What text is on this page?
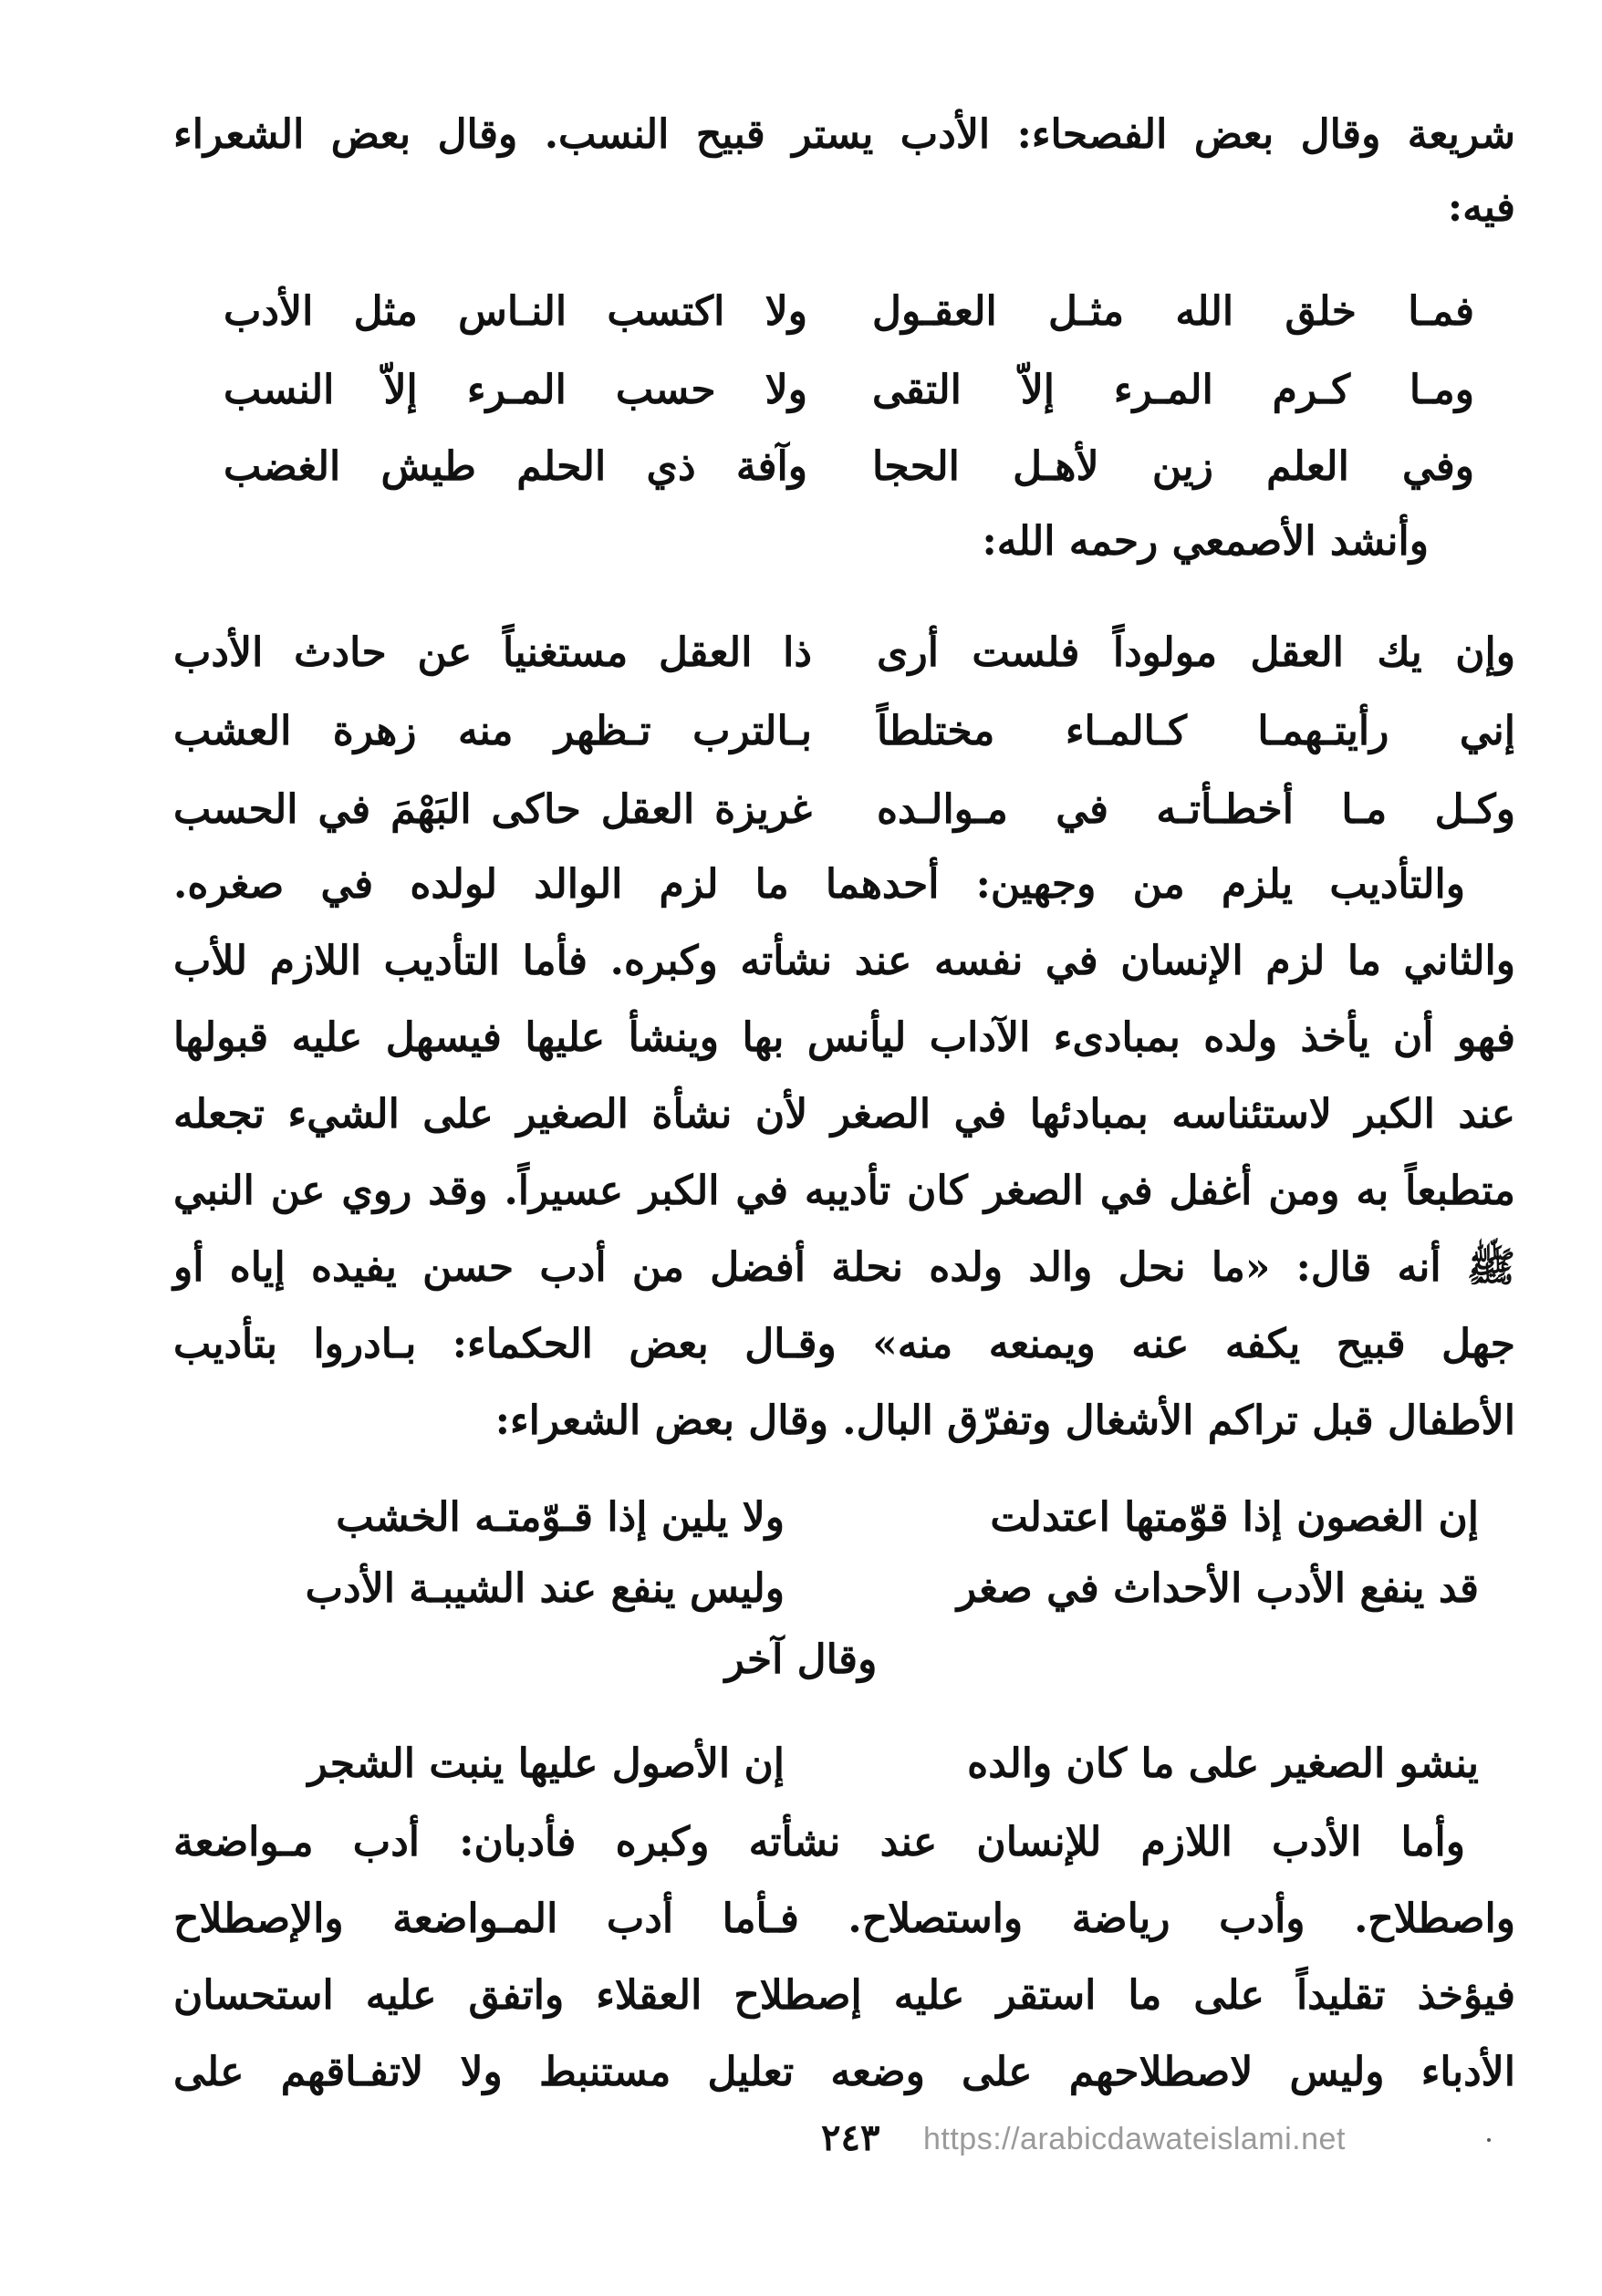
شريعة وقال بعض الفصحاء: الأدب يستر قبيح النسب. وقال بعض الشعراء
فيه:
فمـا خلق الله مثـل العقـول
ولا اكتسب النـاس مثل الأدب
ومـا كـرم المـرء إلاّ التقى
ولا حسب المـرء إلاّ النسب
وفي العلم زين لأهـل الحجا
وآفة ذي الحلم طيش الغضب
وأنشد الأصمعي رحمه الله:
وإن يك العقل مولوداً فلست أرى
ذا العقل مستغنياً عن حادث الأدب
إني رأيتـهمـا كـالمـاء مختلطاً
بـالترب تـظهر منه زهرة العشب
وكـل مـا أخطـأتـه في مـوالـده
غريزة العقل حاكى البَهْمَ في الحسب
والتأديب يلزم من وجهين: أحدهما ما لزم الوالد لولده في صغره.
والثاني ما لزم الإنسان في نفسه عند نشأته وكبره. فأما التأديب اللازم للأب
فهو أن يأخذ ولده بمبادىء الآداب ليأنس بها وينشأ عليها فيسهل عليه قبولها
عند الكبر لاستئناسه بمبادئها في الصغر لأن نشأة الصغير على الشيء تجعله
متطبعاً به ومن أغفل في الصغر كان تأديبه في الكبر عسيراً. وقد روي عن النبي
ﷺ أنه قال: «ما نحل والد ولده نحلة أفضل من أدب حسن يفيده إياه أو
جهل قبيح يكفه عنه ويمنعه منه» وقـال بعض الحكماء: بـادروا بتأديب
الأطفال قبل تراكم الأشغال وتفرّق البال. وقال بعض الشعراء:
إن الغصون إذا قوّمتها اعتدلت
ولا يلين إذا قـوّمتـه الخشب
قد ينفع الأدب الأحداث في صغر
وليس ينفع عند الشيبـة الأدب
وقال آخر
ينشو الصغير على ما كان والده
إن الأصول عليها ينبت الشجر
وأما الأدب اللازم للإنسان عند نشأته وكبره فأدبان: أدب مـواضعة
واصطلاح. وأدب رياضة واستصلاح. فـأما أدب المـواضعة والإصطلاح
فيؤخذ تقليداً على ما استقر عليه إصطلاح العقلاء واتفق عليه استحسان
الأدباء وليس لاصطلاحهم على وضعه تعليل مستنبط ولا لاتفـاقهم على
٢٤٣ https://arabicdawateislami.net
